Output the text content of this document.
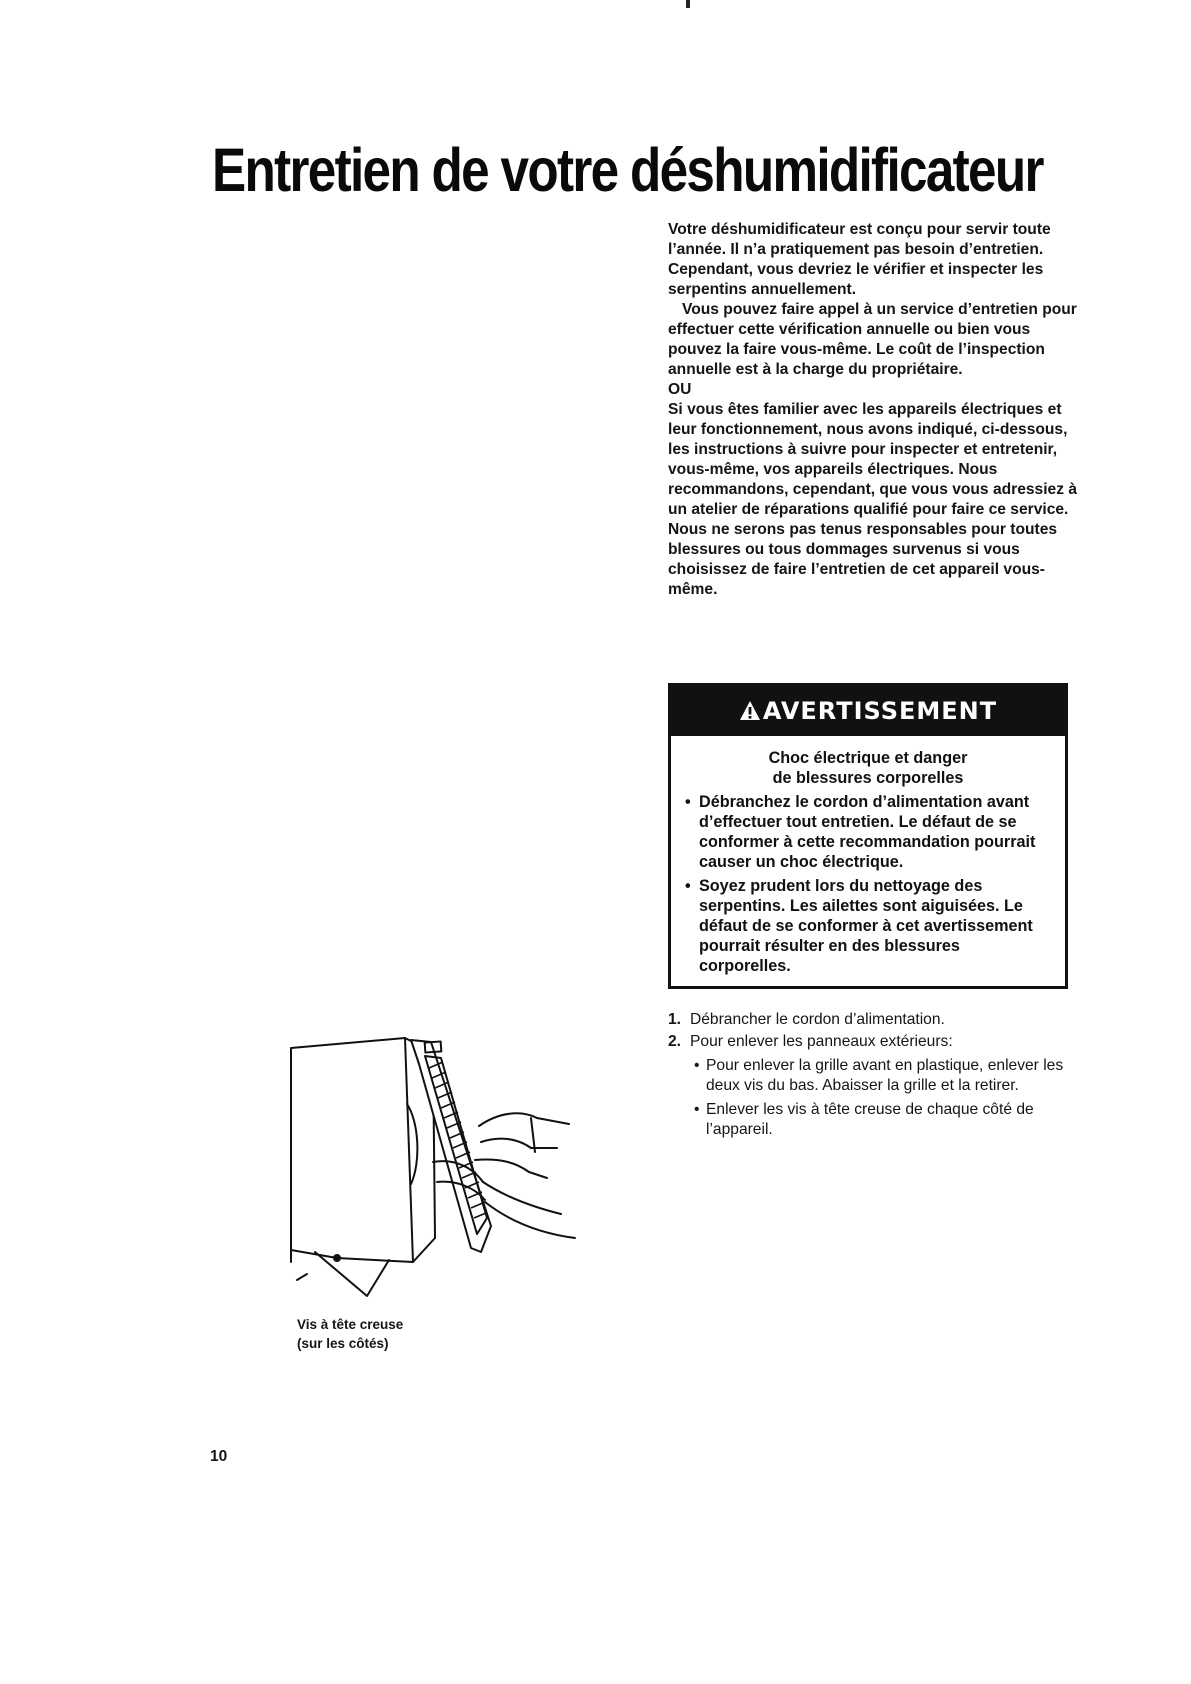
Entretien de votre déshumidificateur

Votre déshumidificateur est conçu pour servir toute l’année. Il n’a pratiquement pas besoin d’entretien. Cependant, vous devriez le vérifier et inspecter les serpentins annuellement.

Vous pouvez faire appel à un service d’entretien pour effectuer cette vérification annuelle ou bien vous pouvez la faire vous-même. Le coût de l’inspection annuelle est à la charge du propriétaire.

OU

Si vous êtes familier avec les appareils électriques et leur fonctionnement, nous avons indiqué, ci-dessous, les instructions à suivre pour inspecter et entretenir, vous-même, vos appareils électriques. Nous recommandons, cependant, que vous vous adressiez à un atelier de réparations qualifié pour faire ce service. Nous ne serons pas tenus responsables pour toutes blessures ou tous dommages survenus si vous choisissez de faire l’entretien de cet appareil vous-même.

AVERTISSEMENT
Choc électrique et danger
de blessures corporelles
• Débranchez le cordon d’alimentation avant d’effectuer tout entretien. Le défaut de se conformer à cette recommandation pourrait causer un choc électrique.
• Soyez prudent lors du nettoyage des serpentins. Les ailettes sont aiguisées. Le défaut de se conformer à cet avertissement pourrait résulter en des blessures corporelles.
1. Débrancher le cordon d’alimentation.
2. Pour enlever les panneaux extérieurs:
• Pour enlever la grille avant en plastique, enlever les deux vis du bas. Abaisser la grille et la retirer.
• Enlever les vis à tête creuse de chaque côté de l’appareil.
Vis à tête creuse
(sur les côtés)
10
